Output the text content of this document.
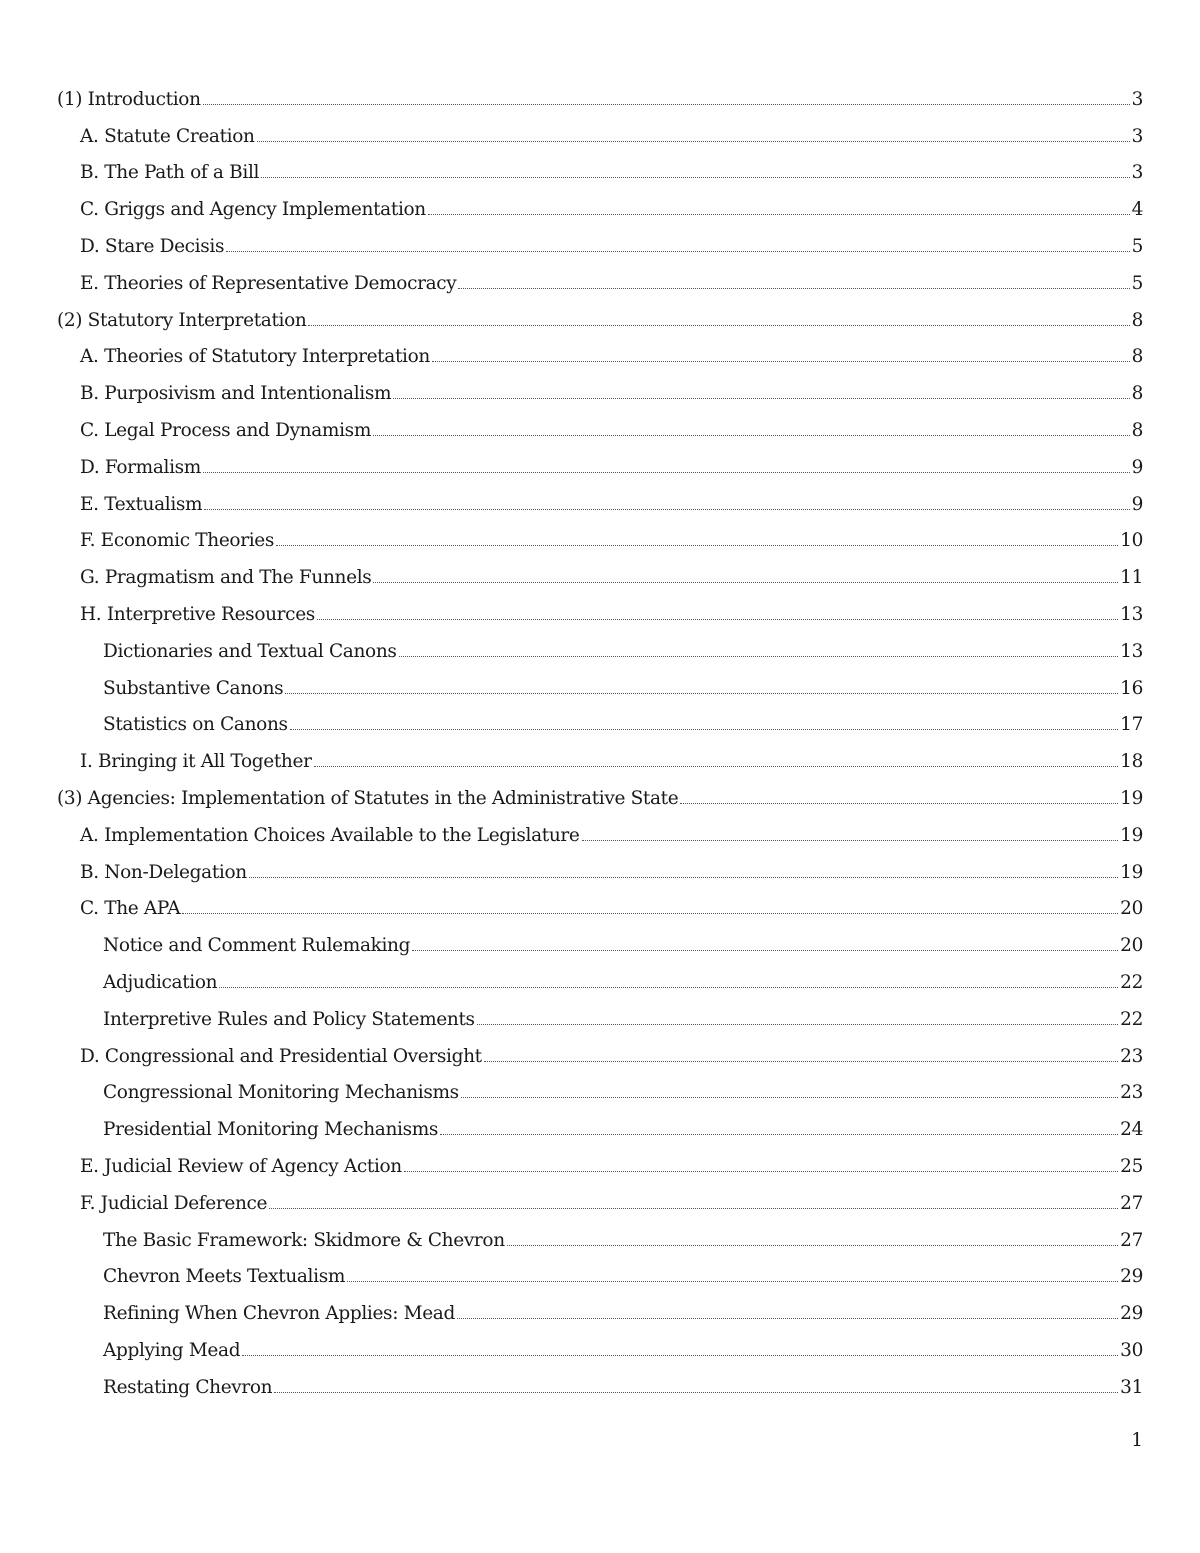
(1) Introduction	3
A. Statute Creation	3
B. The Path of a Bill	3
C. Griggs and Agency Implementation	4
D. Stare Decisis	5
E. Theories of Representative Democracy	5
(2) Statutory Interpretation	8
A. Theories of Statutory Interpretation	8
B. Purposivism and Intentionalism	8
C. Legal Process and Dynamism	8
D. Formalism	9
E. Textualism	9
F. Economic Theories	10
G. Pragmatism and The Funnels	11
H. Interpretive Resources	13
Dictionaries and Textual Canons	13
Substantive Canons	16
Statistics on Canons	17
I. Bringing it All Together	18
(3) Agencies: Implementation of Statutes in the Administrative State	19
A. Implementation Choices Available to the Legislature	19
B. Non-Delegation	19
C. The APA	20
Notice and Comment Rulemaking	20
Adjudication	22
Interpretive Rules and Policy Statements	22
D. Congressional and Presidential Oversight	23
Congressional Monitoring Mechanisms	23
Presidential Monitoring Mechanisms	24
E. Judicial Review of Agency Action	25
F. Judicial Deference	27
The Basic Framework: Skidmore & Chevron	27
Chevron Meets Textualism	29
Refining When Chevron Applies: Mead	29
Applying Mead	30
Restating Chevron	31
1
